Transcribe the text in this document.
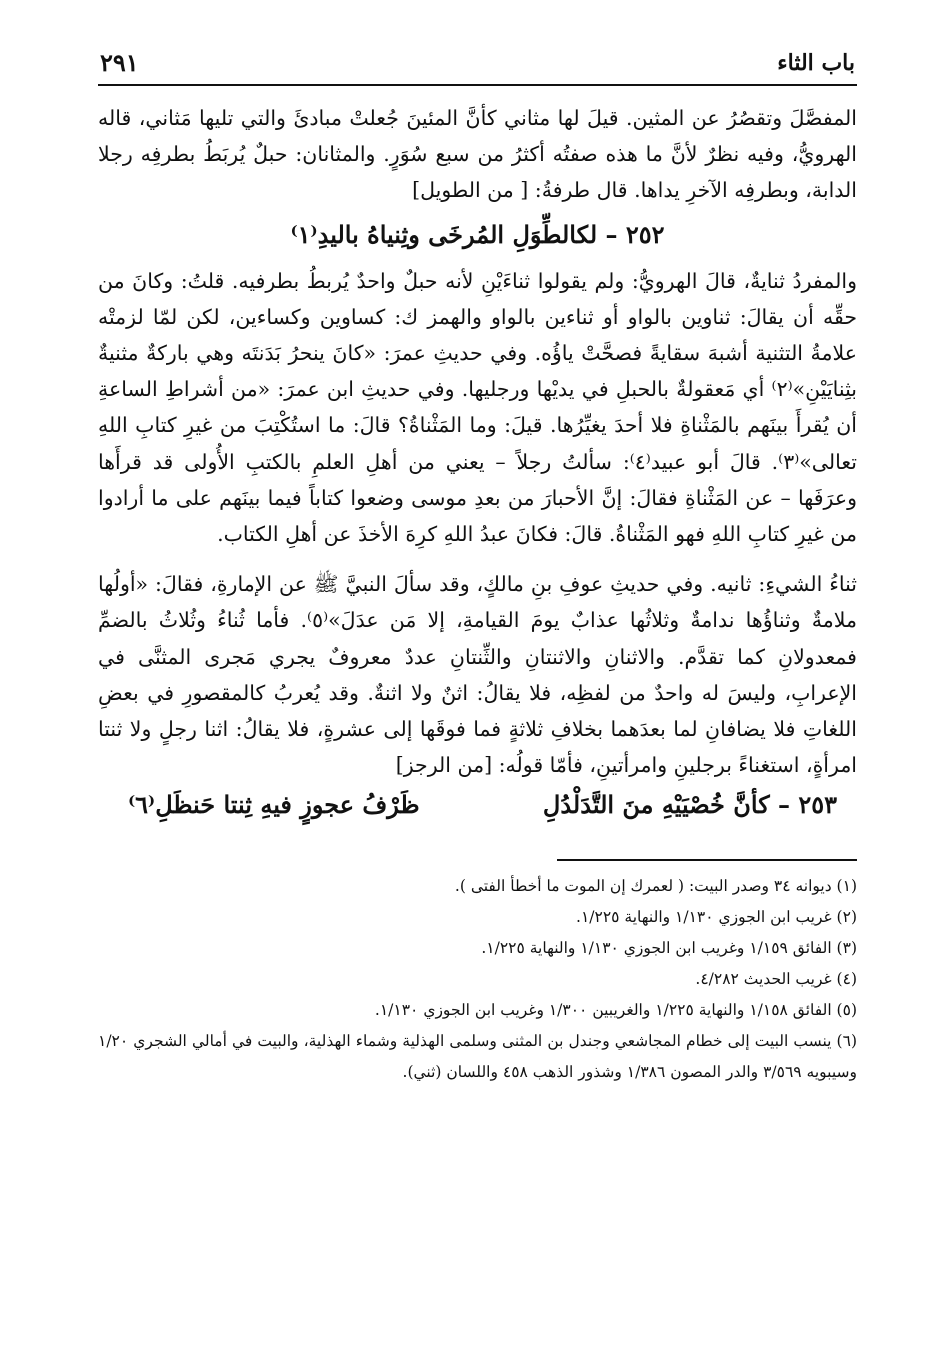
باب الثاء
٢٩١

المفصَّلَ وتقصُرُ عن المثين. قيلَ لها مثاني كأنَّ المئينَ جُعلتْ مبادئَ والتي تليها مَثاني، قاله الهرويُّ، وفيه نظرٌ لأنَّ ما هذه صفتُه أكثرُ من سبع سُوَرٍ. والمثانان: حبلٌ يُربَطُ بطرفِه رجلا الدابة، وبطرفِه الآخرِ يداها. قال طرفةُ: [ من الطويل]

٢٥٢ – لكالطِّوَلِ المُرخَى وثِنياهُ باليدِ⁽١⁾

والمفردُ ثنايةٌ، قالَ الهرويُّ: ولم يقولوا ثناءَيْنِ لأنه حبلٌ واحدٌ يُربطُ بطرفيه. قلتُ: وكانَ من حقِّه أن يقالَ: ثناوين بالواو أو ثناءين بالواو والهمز ك: كساوين وكساءين، لكن لمّا لزمتْه علامةُ التثنية أشبهَ سقايةً فصحَّتْ ياؤُه. وفي حديثِ عمرَ: «كانَ ينحرُ بَدَنتَه وهي باركةٌ مثنيةٌ بثِنايَيْنِ»⁽٢⁾ أي مَعقولةٌ بالحبلِ في يديْها ورجليها. وفي حديثِ ابن عمرَ: «من أشراطِ الساعةِ أن يُقرأَ بينَهم بالمَثْناةِ فلا أحدَ يغيِّرُها. قيلَ: وما المَثْناةُ؟ قالَ: ما استُكْتِبَ من غيرِ كتابِ اللهِ تعالى»⁽٣⁾. قالَ أبو عبيد⁽٤⁾: سألتُ رجلاً – يعني من أهلِ العلمِ بالكتبِ الأُولى قد قرأَها وعرَفَها – عن المَثْناةِ فقالَ: إنَّ الأحبارَ من بعدِ موسى وضعوا كتاباً فيما بينَهم على ما أرادوا من غيرِ كتابِ اللهِ فهو المَثْناةُ. قالَ: فكانَ عبدُ اللهِ كرِهَ الأخذَ عن أهلِ الكتاب.

ثناءُ الشيءِ: ثانيه. وفي حديثِ عوفِ بنِ مالكٍ، وقد سألَ النبيَّ ﷺ عن الإمارةِ، فقالَ: «أولُها ملامةٌ وثناؤُها ندامةٌ وثلاثُها عذابٌ يومَ القيامةِ، إلا مَن عدَلَ»⁽٥⁾. فأما ثُناءُ وثُلاثُ بالضمِّ فمعدولانِ كما تقدَّم. والاثنانِ والاثنتانِ والثِّنتانِ عددٌ معروفٌ يجري مَجرى المثنَّى في الإعرابِ، وليسَ له واحدٌ من لفظِه، فلا يقالُ: اثنٌ ولا اثنةٌ. وقد يُعربُ كالمقصورِ في بعضِ اللغاتِ فلا يضافانِ لما بعدَهما بخلافِ ثلاثةٍ فما فوقَها إلى عشرةٍ، فلا يقالُ: اثنا رجلٍ ولا ثنتا امرأةٍ، استغناءً برجلينِ وامرأتينِ، فأمّا قولُه: [من الرجز]

٢٥٣ – كأنَّ خُصْيَيْهِ منَ التَّدَلْدُلِ
ظَرْفُ عجوزٍ فيهِ ثِنتا حَنظَلِ⁽٦⁾

(١) ديوانه ٣٤ وصدر البيت: ( لعمرك إن الموت ما أخطأ الفتى ).

(٢) غريب ابن الجوزي ١/١٣٠ والنهاية ١/٢٢٥.

(٣) الفائق ١/١٥٩ وغريب ابن الجوزي ١/١٣٠ والنهاية ١/٢٢٥.

(٤) غريب الحديث ٤/٢٨٢.

(٥) الفائق ١/١٥٨ والنهاية ١/٢٢٥ والغريبين ١/٣٠٠ وغريب ابن الجوزي ١/١٣٠.

(٦) ينسب البيت إلى خطام المجاشعي وجندل بن المثنى وسلمى الهذلية وشماء الهذلية، والبيت في أمالي الشجري ١/٢٠ وسيبويه ٣/٥٦٩ والدر المصون ١/٣٨٦ وشذور الذهب ٤٥٨ واللسان (ثني).
